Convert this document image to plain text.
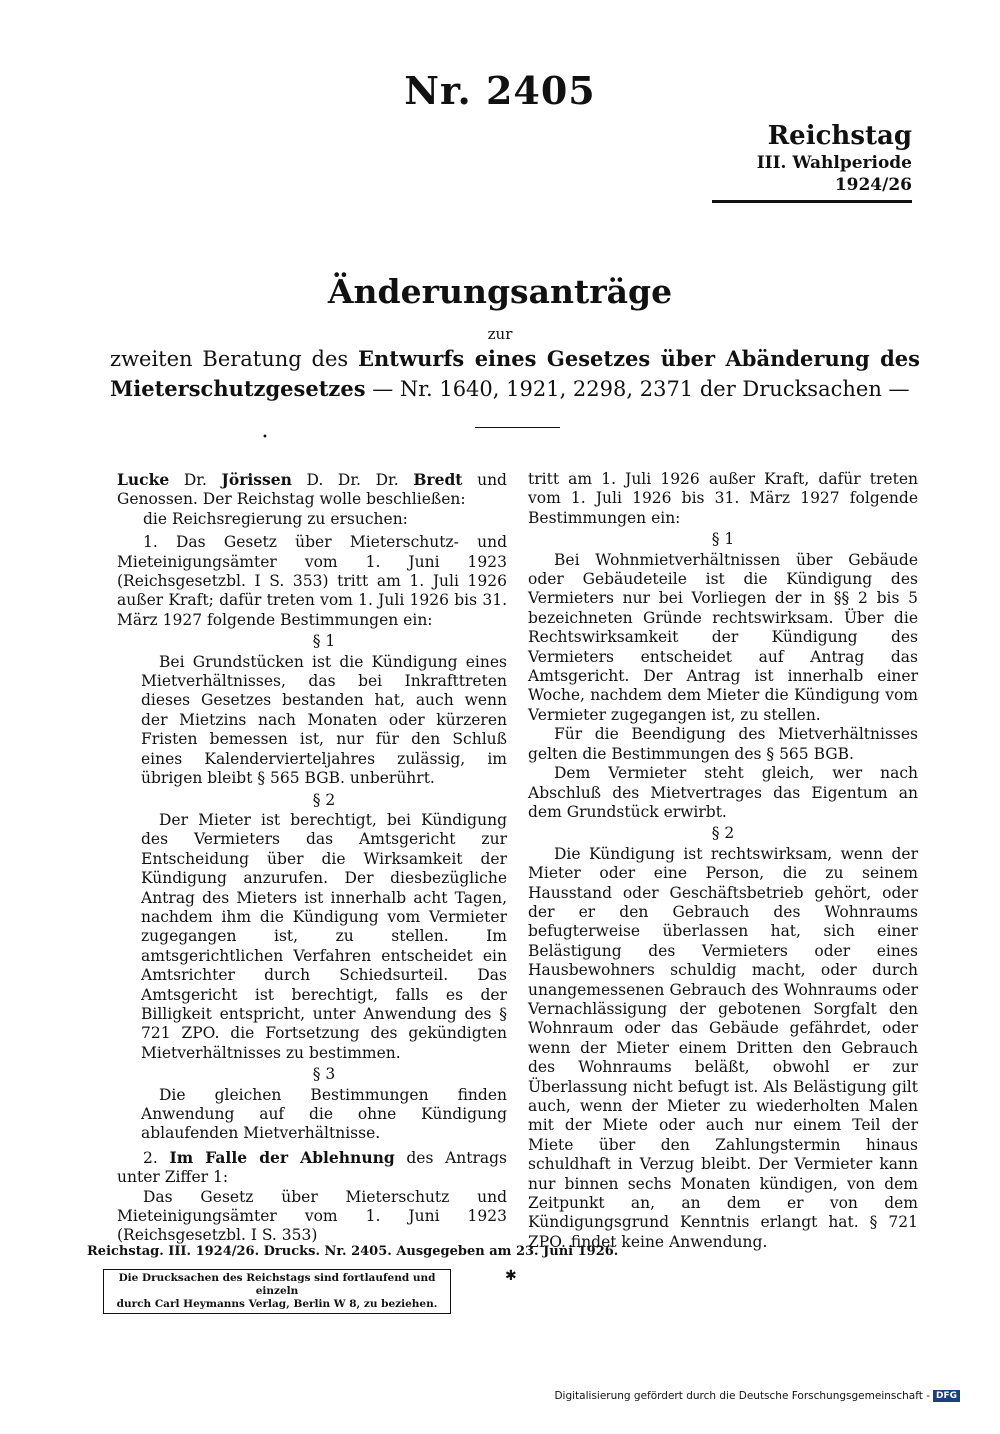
Nr. 2405
Reichstag
III. Wahlperiode
1924/26
Änderungsanträge
zur
zweiten Beratung des Entwurfs eines Gesetzes über Abänderung des
Mieterschutzgesetzes — Nr. 1640, 1921, 2298, 2371 der Drucksachen —
•

Lucke Dr. Jörissen D. Dr. Dr. Bredt und Genossen. Der Reichstag wolle beschließen:

die Reichsregierung zu ersuchen:

1. Das Gesetz über Mieterschutz- und Mieteinigungsämter vom 1. Juni 1923 (Reichsgesetzbl. I S. 353) tritt am 1. Juli 1926 außer Kraft; dafür treten vom 1. Juli 1926 bis 31. März 1927 folgende Bestimmungen ein:

§ 1

Bei Grundstücken ist die Kündigung eines Mietverhältnisses, das bei Inkrafttreten dieses Gesetzes bestanden hat, auch wenn der Mietzins nach Monaten oder kürzeren Fristen bemessen ist, nur für den Schluß eines Kalendervierteljahres zulässig, im übrigen bleibt § 565 BGB. unberührt.

§ 2

Der Mieter ist berechtigt, bei Kündigung des Vermieters das Amtsgericht zur Entscheidung über die Wirksamkeit der Kündigung anzurufen. Der diesbezügliche Antrag des Mieters ist innerhalb acht Tagen, nachdem ihm die Kündigung vom Vermieter zugegangen ist, zu stellen. Im amtsgerichtlichen Verfahren entscheidet ein Amtsrichter durch Schiedsurteil. Das Amtsgericht ist berechtigt, falls es der Billigkeit entspricht, unter Anwendung des § 721 ZPO. die Fortsetzung des gekündigten Mietverhältnisses zu bestimmen.

§ 3

Die gleichen Bestimmungen finden Anwendung auf die ohne Kündigung ablaufenden Mietverhältnisse.

2. Im Falle der Ablehnung des Antrags unter Ziffer 1:

Das Gesetz über Mieterschutz und Mieteinigungsämter vom 1. Juni 1923 (Reichsgesetzbl. I S. 353)

tritt am 1. Juli 1926 außer Kraft, dafür treten vom 1. Juli 1926 bis 31. März 1927 folgende Bestimmungen ein:

§ 1

Bei Wohnmietverhältnissen über Gebäude oder Gebäudeteile ist die Kündigung des Vermieters nur bei Vorliegen der in §§ 2 bis 5 bezeichneten Gründe rechtswirksam. Über die Rechtswirksamkeit der Kündigung des Vermieters entscheidet auf Antrag das Amtsgericht. Der Antrag ist innerhalb einer Woche, nachdem dem Mieter die Kündigung vom Vermieter zugegangen ist, zu stellen.

Für die Beendigung des Mietverhältnisses gelten die Bestimmungen des § 565 BGB.

Dem Vermieter steht gleich, wer nach Abschluß des Mietvertrages das Eigentum an dem Grundstück erwirbt.

§ 2

Die Kündigung ist rechtswirksam, wenn der Mieter oder eine Person, die zu seinem Hausstand oder Geschäftsbetrieb gehört, oder der er den Gebrauch des Wohnraums befugterweise überlassen hat, sich einer Belästigung des Vermieters oder eines Hausbewohners schuldig macht, oder durch unangemessenen Gebrauch des Wohnraums oder Vernachlässigung der gebotenen Sorgfalt den Wohnraum oder das Gebäude gefährdet, oder wenn der Mieter einem Dritten den Gebrauch des Wohnraums beläßt, obwohl er zur Überlassung nicht befugt ist. Als Belästigung gilt auch, wenn der Mieter zu wiederholten Malen mit der Miete oder auch nur einem Teil der Miete über den Zahlungstermin hinaus schuldhaft in Verzug bleibt. Der Vermieter kann nur binnen sechs Monaten kündigen, von dem Zeitpunkt an, an dem er von dem Kündigungsgrund Kenntnis erlangt hat. § 721 ZPO. findet keine Anwendung.

Reichstag. III. 1924/26. Drucks. Nr. 2405. Ausgegeben am 23. Juni 1926.
Die Drucksachen des Reichstags sind fortlaufend und einzeln
durch Carl Heymanns Verlag, Berlin W 8, zu beziehen.
✱
Digitalisierung gefördert durch die Deutsche Forschungsgemeinschaft - DFG
